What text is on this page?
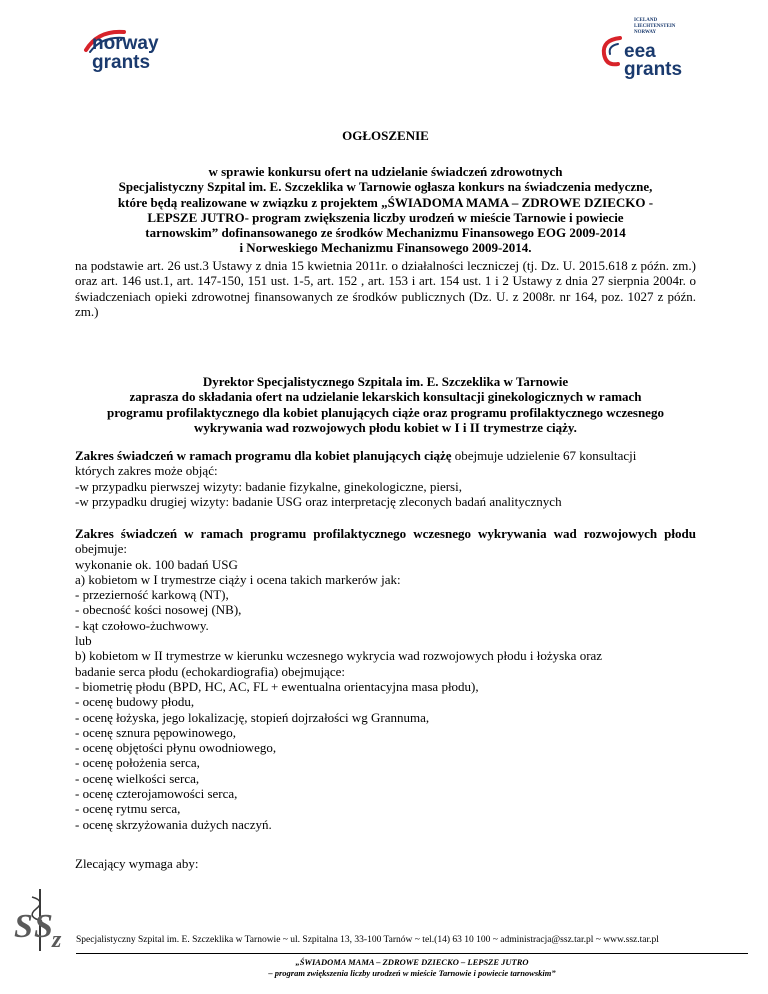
norway
grants
ICELAND
LIECHTENSTEIN
NORWAY
eea
grants
OGŁOSZENIE
w sprawie konkursu ofert na udzielanie świadczeń zdrowotnych
Specjalistyczny Szpital im. E. Szczeklika w Tarnowie ogłasza konkurs na świadczenia medyczne,
które będą realizowane w związku z projektem „ŚWIADOMA MAMA – ZDROWE DZIECKO -
LEPSZE JUTRO- program zwiększenia liczby urodzeń w mieście Tarnowie i powiecie
tarnowskim” dofinansowanego ze środków Mechanizmu Finansowego EOG 2009-2014
i Norweskiego Mechanizmu Finansowego 2009-2014.
na podstawie art. 26 ust.3 Ustawy z dnia 15 kwietnia 2011r. o działalności leczniczej (tj. Dz. U. 2015.618 z późn. zm.) oraz art. 146 ust.1, art. 147-150, 151 ust. 1-5, art. 152 , art. 153 i art. 154 ust. 1 i 2 Ustawy z dnia 27 sierpnia 2004r. o świadczeniach opieki zdrowotnej finansowanych ze środków publicznych (Dz. U. z 2008r. nr 164, poz. 1027 z późn. zm.)
Dyrektor Specjalistycznego Szpitala im. E. Szczeklika w Tarnowie
zaprasza do składania ofert na udzielanie lekarskich konsultacji ginekologicznych w ramach
programu profilaktycznego dla kobiet planujących ciąże oraz programu profilaktycznego wczesnego
wykrywania wad rozwojowych płodu kobiet w I i II trymestrze ciąży.
Zakres świadczeń w ramach programu dla kobiet planujących ciążę obejmuje udzielenie 67 konsultacji
których zakres może objąć:
-w przypadku pierwszej wizyty: badanie fizykalne, ginekologiczne, piersi,
-w przypadku drugiej wizyty: badanie USG oraz interpretację zleconych badań analitycznych
Zakres świadczeń w ramach programu profilaktycznego wczesnego wykrywania wad rozwojowych płodu obejmuje:
wykonanie ok. 100 badań USG
a) kobietom w I trymestrze ciąży i ocena takich markerów jak:
- przezierność karkową (NT),
- obecność kości nosowej (NB),
- kąt czołowo-żuchwowy.
lub
b) kobietom w II trymestrze w kierunku wczesnego wykrycia wad rozwojowych płodu i łożyska oraz
badanie serca płodu (echokardiografia) obejmujące:
- biometrię płodu (BPD, HC, AC, FL + ewentualna orientacyjna masa płodu),
- ocenę budowy płodu,
- ocenę łożyska, jego lokalizację, stopień dojrzałości wg Grannuma,
- ocenę sznura pępowinowego,
- ocenę objętości płynu owodniowego,
- ocenę położenia serca,
- ocenę wielkości serca,
- ocenę czterojamowości serca,
- ocenę rytmu serca,
- ocenę skrzyżowania dużych naczyń.
Zlecający wymaga aby:
S S z Specjalistyczny Szpital im. E. Szczeklika w Tarnowie ~ ul. Szpitalna 13, 33-100 Tarnów ~ tel.(14) 63 10 100 ~ administracja@ssz.tar.pl ~ www.ssz.tar.pl
„ŚWIADOMA MAMA – ZDROWE DZIECKO – LEPSZE JUTRO
– program zwiększenia liczby urodzeń w mieście Tarnowie i powiecie tarnowskim”
